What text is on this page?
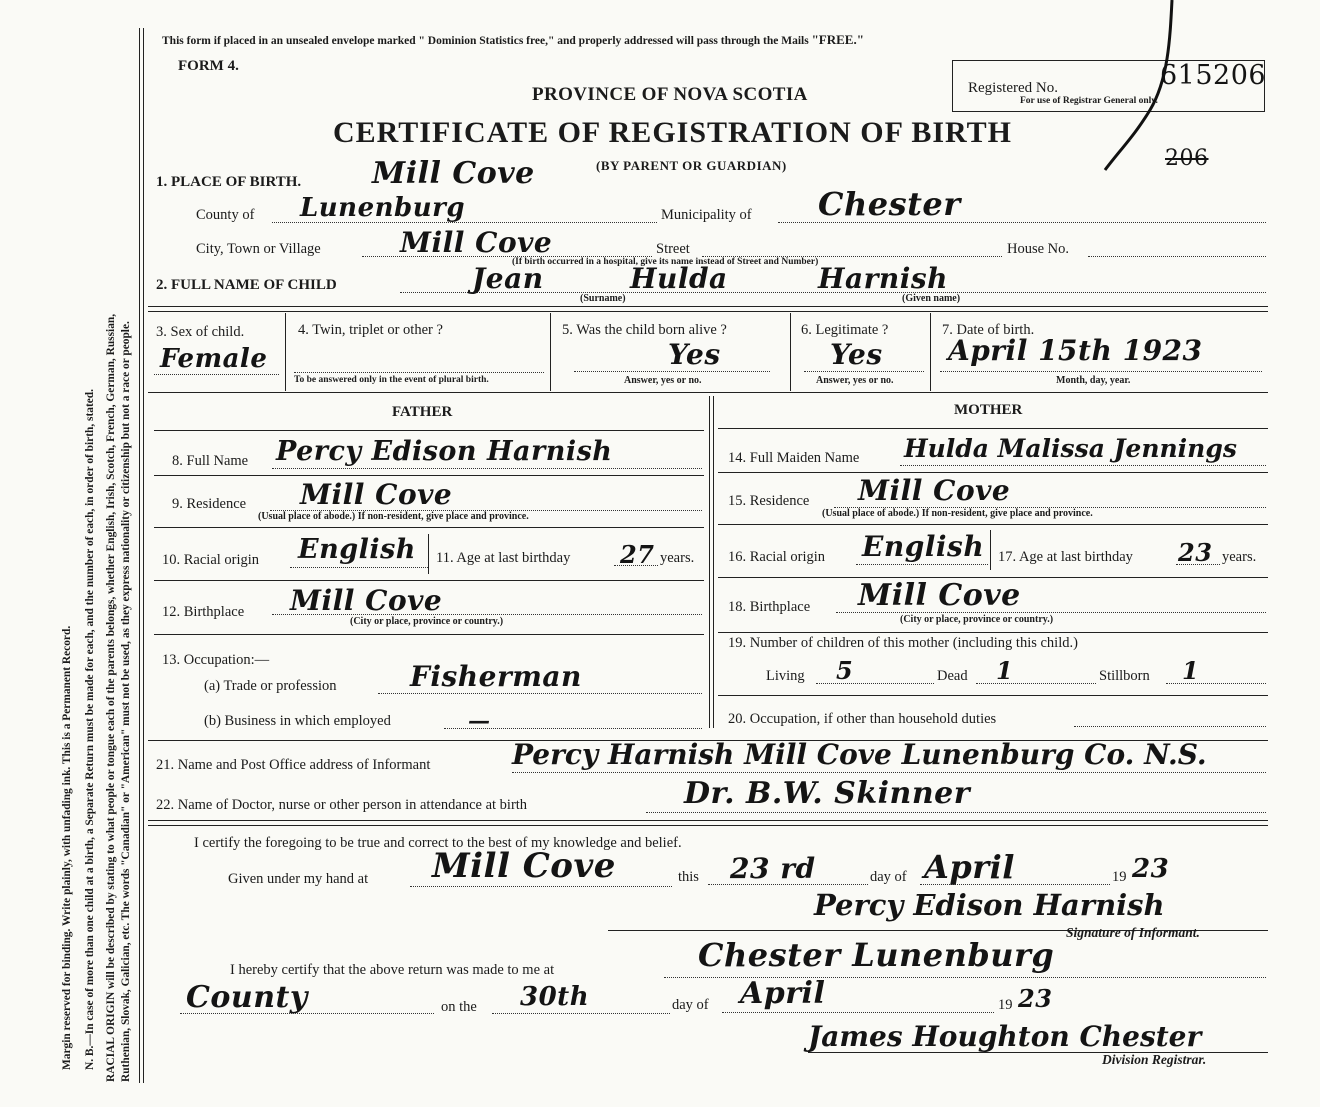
Margin reserved for binding. Write plainly, with unfading ink. This is a Permanent Record. N. B.—In case of more than one child at a birth, a Separate Return must be made for each, and the number of each, in order of birth, stated. RACIAL ORIGIN will be described by stating to what people or tongue each of the parents belongs, whether English, Irish, Scotch, French, German, Russian, Ruthenian, Slovak, Galician, etc. The words "Canadian" or "American" must not be used, as they express nationality or citizenship but not a race or people.
This form if placed in an unsealed envelope marked " Dominion Statistics free," and properly addressed will pass through the Mails "FREE."
FORM 4.
PROVINCE OF NOVA SCOTIA
CERTIFICATE OF REGISTRATION OF BIRTH
(BY PARENT OR GUARDIAN)
Registered No.	615206
For use of Registrar General only.
206
1. PLACE OF BIRTH. Mill Cove
County of Lunenburg	Municipality of Chester
City, Town or Village	Mill Cove	Street	House No.
(If birth occurred in a hospital, give its name instead of Street and Number)
2. FULL NAME OF CHILD	Jean	Hulda	Harnish
(Surname)	(Given name)
3. Sex of child.
Female
4. Twin, triplet or other ?
To be answered only in the event of plural birth.
5. Was the child born alive ?
Yes
Answer, yes or no.
6. Legitimate ?
Yes
Answer, yes or no.
7. Date of birth.
April 15th 1923
Month, day, year.
FATHER	MOTHER
8. Full Name Percy Edison Harnish
9. Residence Mill Cove
(Usual place of abode.) If non-resident, give place and province.
10. Racial origin English 11. Age at last birthday 27 years.
12. Birthplace Mill Cove
(City or place, province or country.)
13. Occupation:—
(a) Trade or profession	Fisherman
(b) Business in which employed	—
14. Full Maiden Name Hulda Malissa Jennings
15. Residence Mill Cove
(Usual place of abode.) If non-resident, give place and province.
16. Racial origin English 17. Age at last birthday 23 years.
18. Birthplace Mill Cove
(City or place, province or country.)
19. Number of children of this mother (including this child.)
Living 5	Dead 1	Stillborn 1
20. Occupation, if other than household duties
21. Name and Post Office address of Informant	Percy Harnish Mill Cove Lunenburg Co. N.S.
22. Name of Doctor, nurse or other person in attendance at birth	Dr. B.W. Skinner
I certify the foregoing to be true and correct to the best of my knowledge and belief.
Given under my hand at Mill Cove	this 23 rd	day of April	19 23
Percy Edison Harnish
Signature of Informant.
I hereby certify that the above return was made to me at	Chester Lunenburg
County	on the 30th	day of April	19 23
James Houghton Chester
Division Registrar.
